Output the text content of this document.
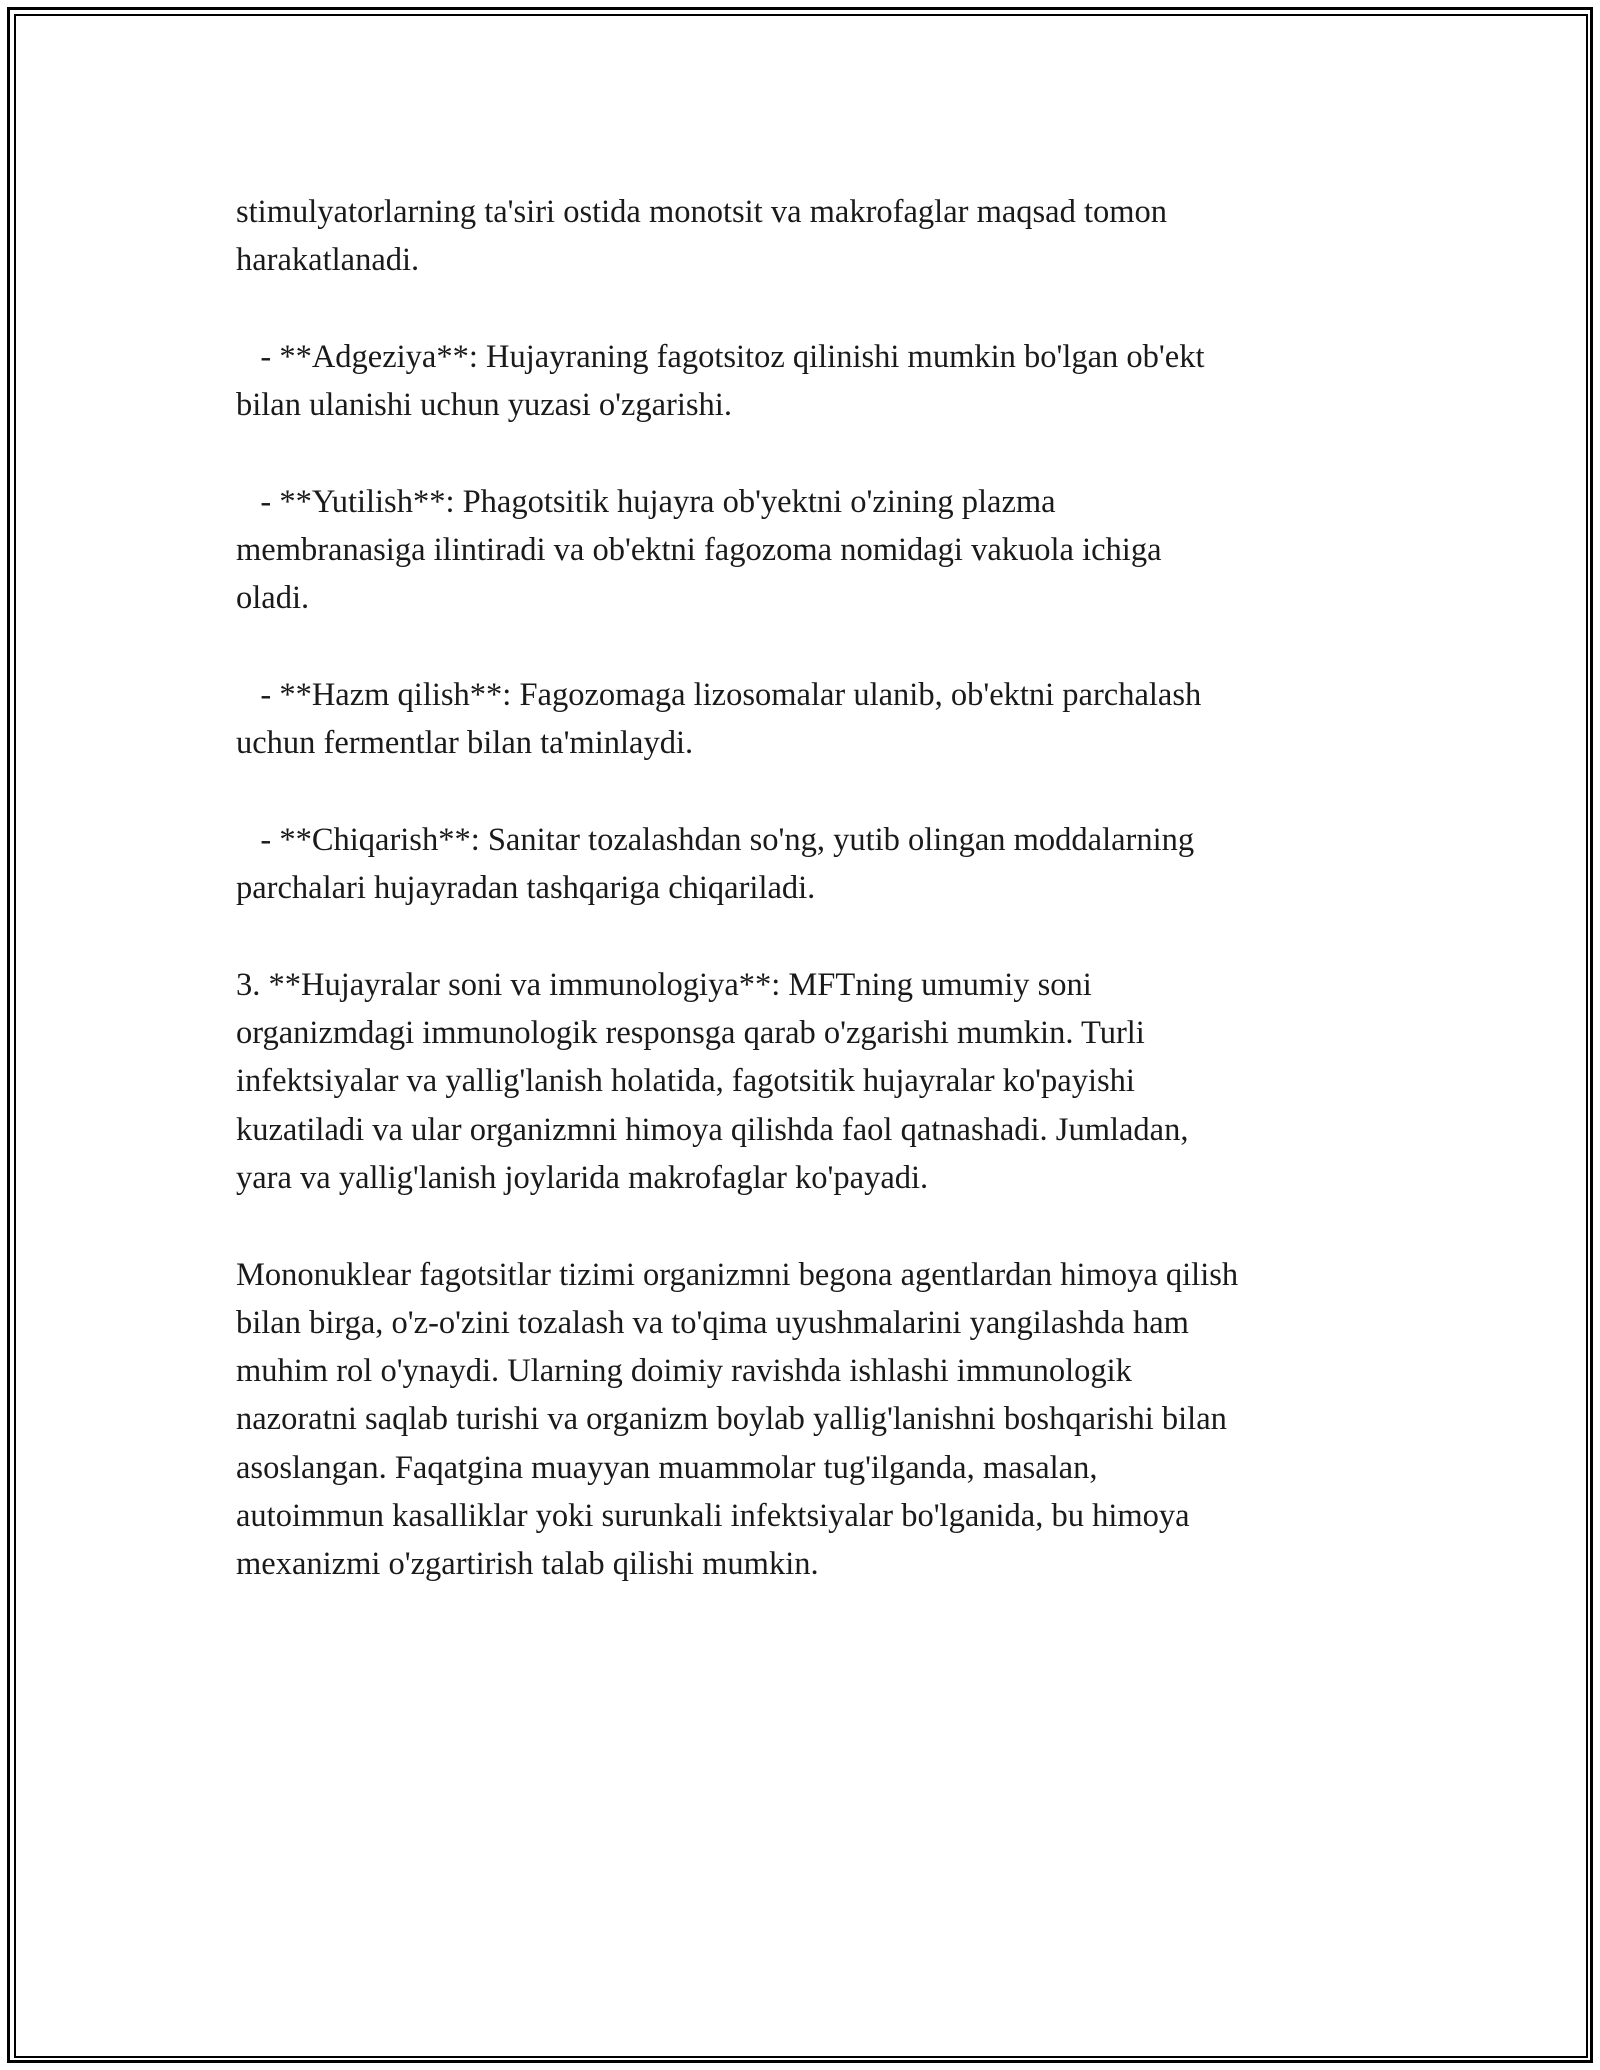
stimulyatorlarning ta'siri ostida monotsit va makrofaglar maqsad tomon
harakatlanadi.

- **Adgeziya**: Hujayraning fagotsitoz qilinishi mumkin bo'lgan ob'ekt
bilan ulanishi uchun yuzasi o'zgarishi.

- **Yutilish**: Phagotsitik hujayra ob'yektni o'zining plazma
membranasiga ilintiradi va ob'ektni fagozoma nomidagi vakuola ichiga
oladi.

- **Hazm qilish**: Fagozomaga lizosomalar ulanib, ob'ektni parchalash
uchun fermentlar bilan ta'minlaydi.

- **Chiqarish**: Sanitar tozalashdan so'ng, yutib olingan moddalarning
parchalari hujayradan tashqariga chiqariladi.

3. **Hujayralar soni va immunologiya**: MFTning umumiy soni
organizmdagi immunologik responsga qarab o'zgarishi mumkin. Turli
infektsiyalar va yallig'lanish holatida, fagotsitik hujayralar ko'payishi
kuzatiladi va ular organizmni himoya qilishda faol qatnashadi. Jumladan,
yara va yallig'lanish joylarida makrofaglar ko'payadi.

Mononuklear fagotsitlar tizimi organizmni begona agentlardan himoya qilish
bilan birga, o'z-o'zini tozalash va to'qima uyushmalarini yangilashda ham
muhim rol o'ynaydi. Ularning doimiy ravishda ishlashi immunologik
nazoratni saqlab turishi va organizm boylab yallig'lanishni boshqarishi bilan
asoslangan. Faqatgina muayyan muammolar tug'ilganda, masalan,
autoimmun kasalliklar yoki surunkali infektsiyalar bo'lganida, bu himoya
mexanizmi o'zgartirish talab qilishi mumkin.
